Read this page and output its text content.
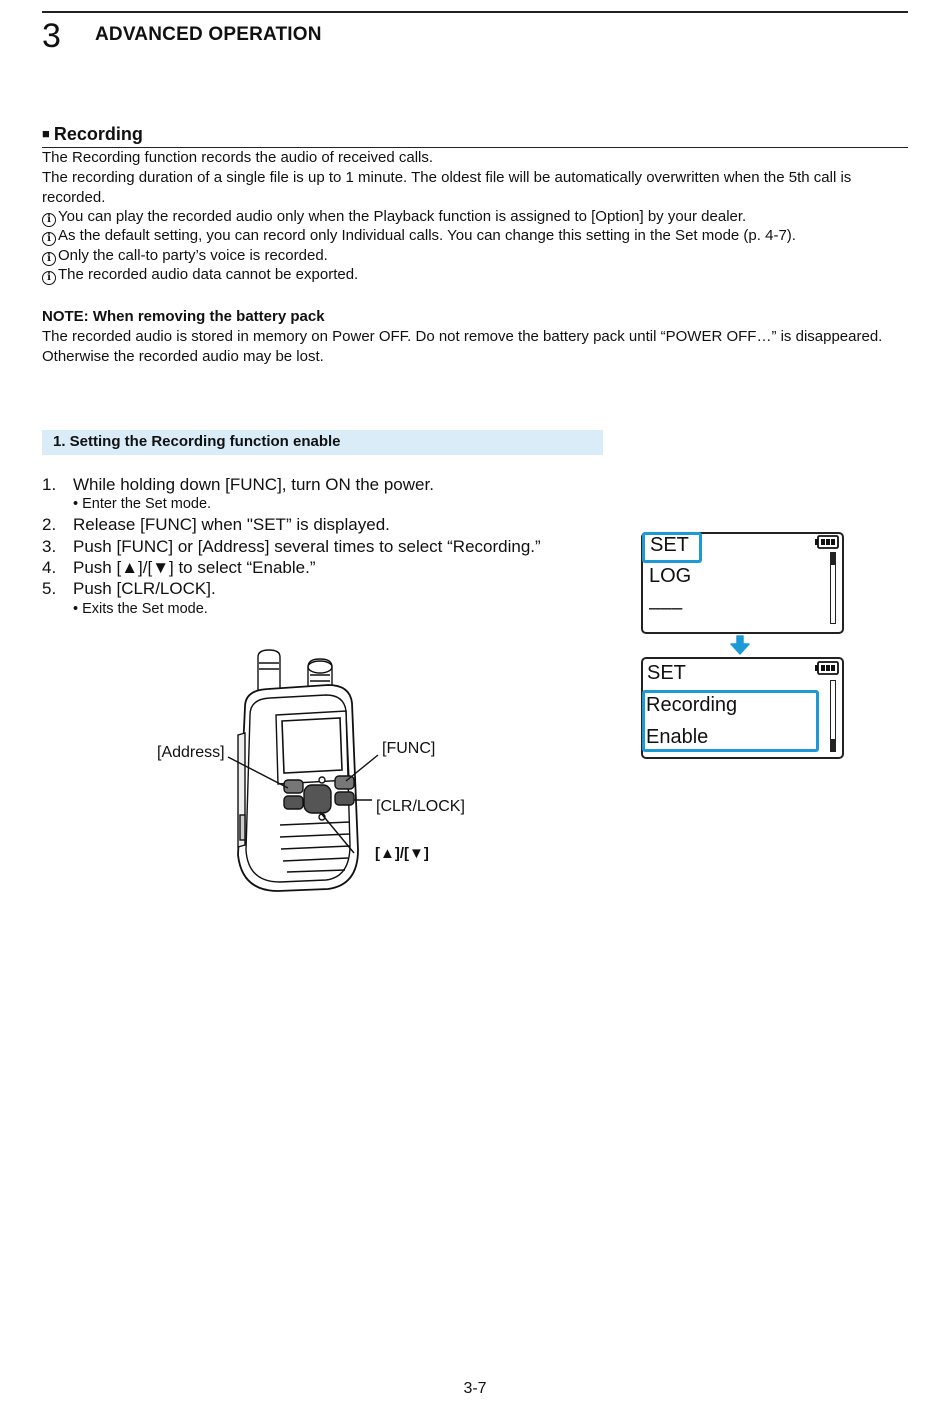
3 ADVANCED OPERATION
■ Recording
The Recording function records the audio of received calls.
The recording duration of a single file is up to 1 minute. The oldest file will be automatically overwritten when the 5th call is recorded.
i You can play the recorded audio only when the Playback function is assigned to [Option] by your dealer.
i As the default setting, you can record only Individual calls. You can change this setting in the Set mode (p. 4-7).
i Only the call-to party’s voice is recorded.
i The recorded audio data cannot be exported.
NOTE: When removing the battery pack
The recorded audio is stored in memory on Power OFF. Do not remove the battery pack until “POWER OFF…” is disappeared. Otherwise the recorded audio may be lost.
1. Setting the Recording function enable
1. While holding down [FUNC], turn ON the power.
• Enter the Set mode.
2. Release [FUNC] when "SET” is displayed.
3. Push [FUNC] or [Address] several times to select “Recording.”
4. Push [▲]/[▼] to select “Enable.”
5. Push [CLR/LOCK].
• Exits the Set mode.
[Address]	[FUNC]
[CLR/LOCK]
[▲]/[▼]
SET
LOG
–––
SET
Recording
Enable
3-7
